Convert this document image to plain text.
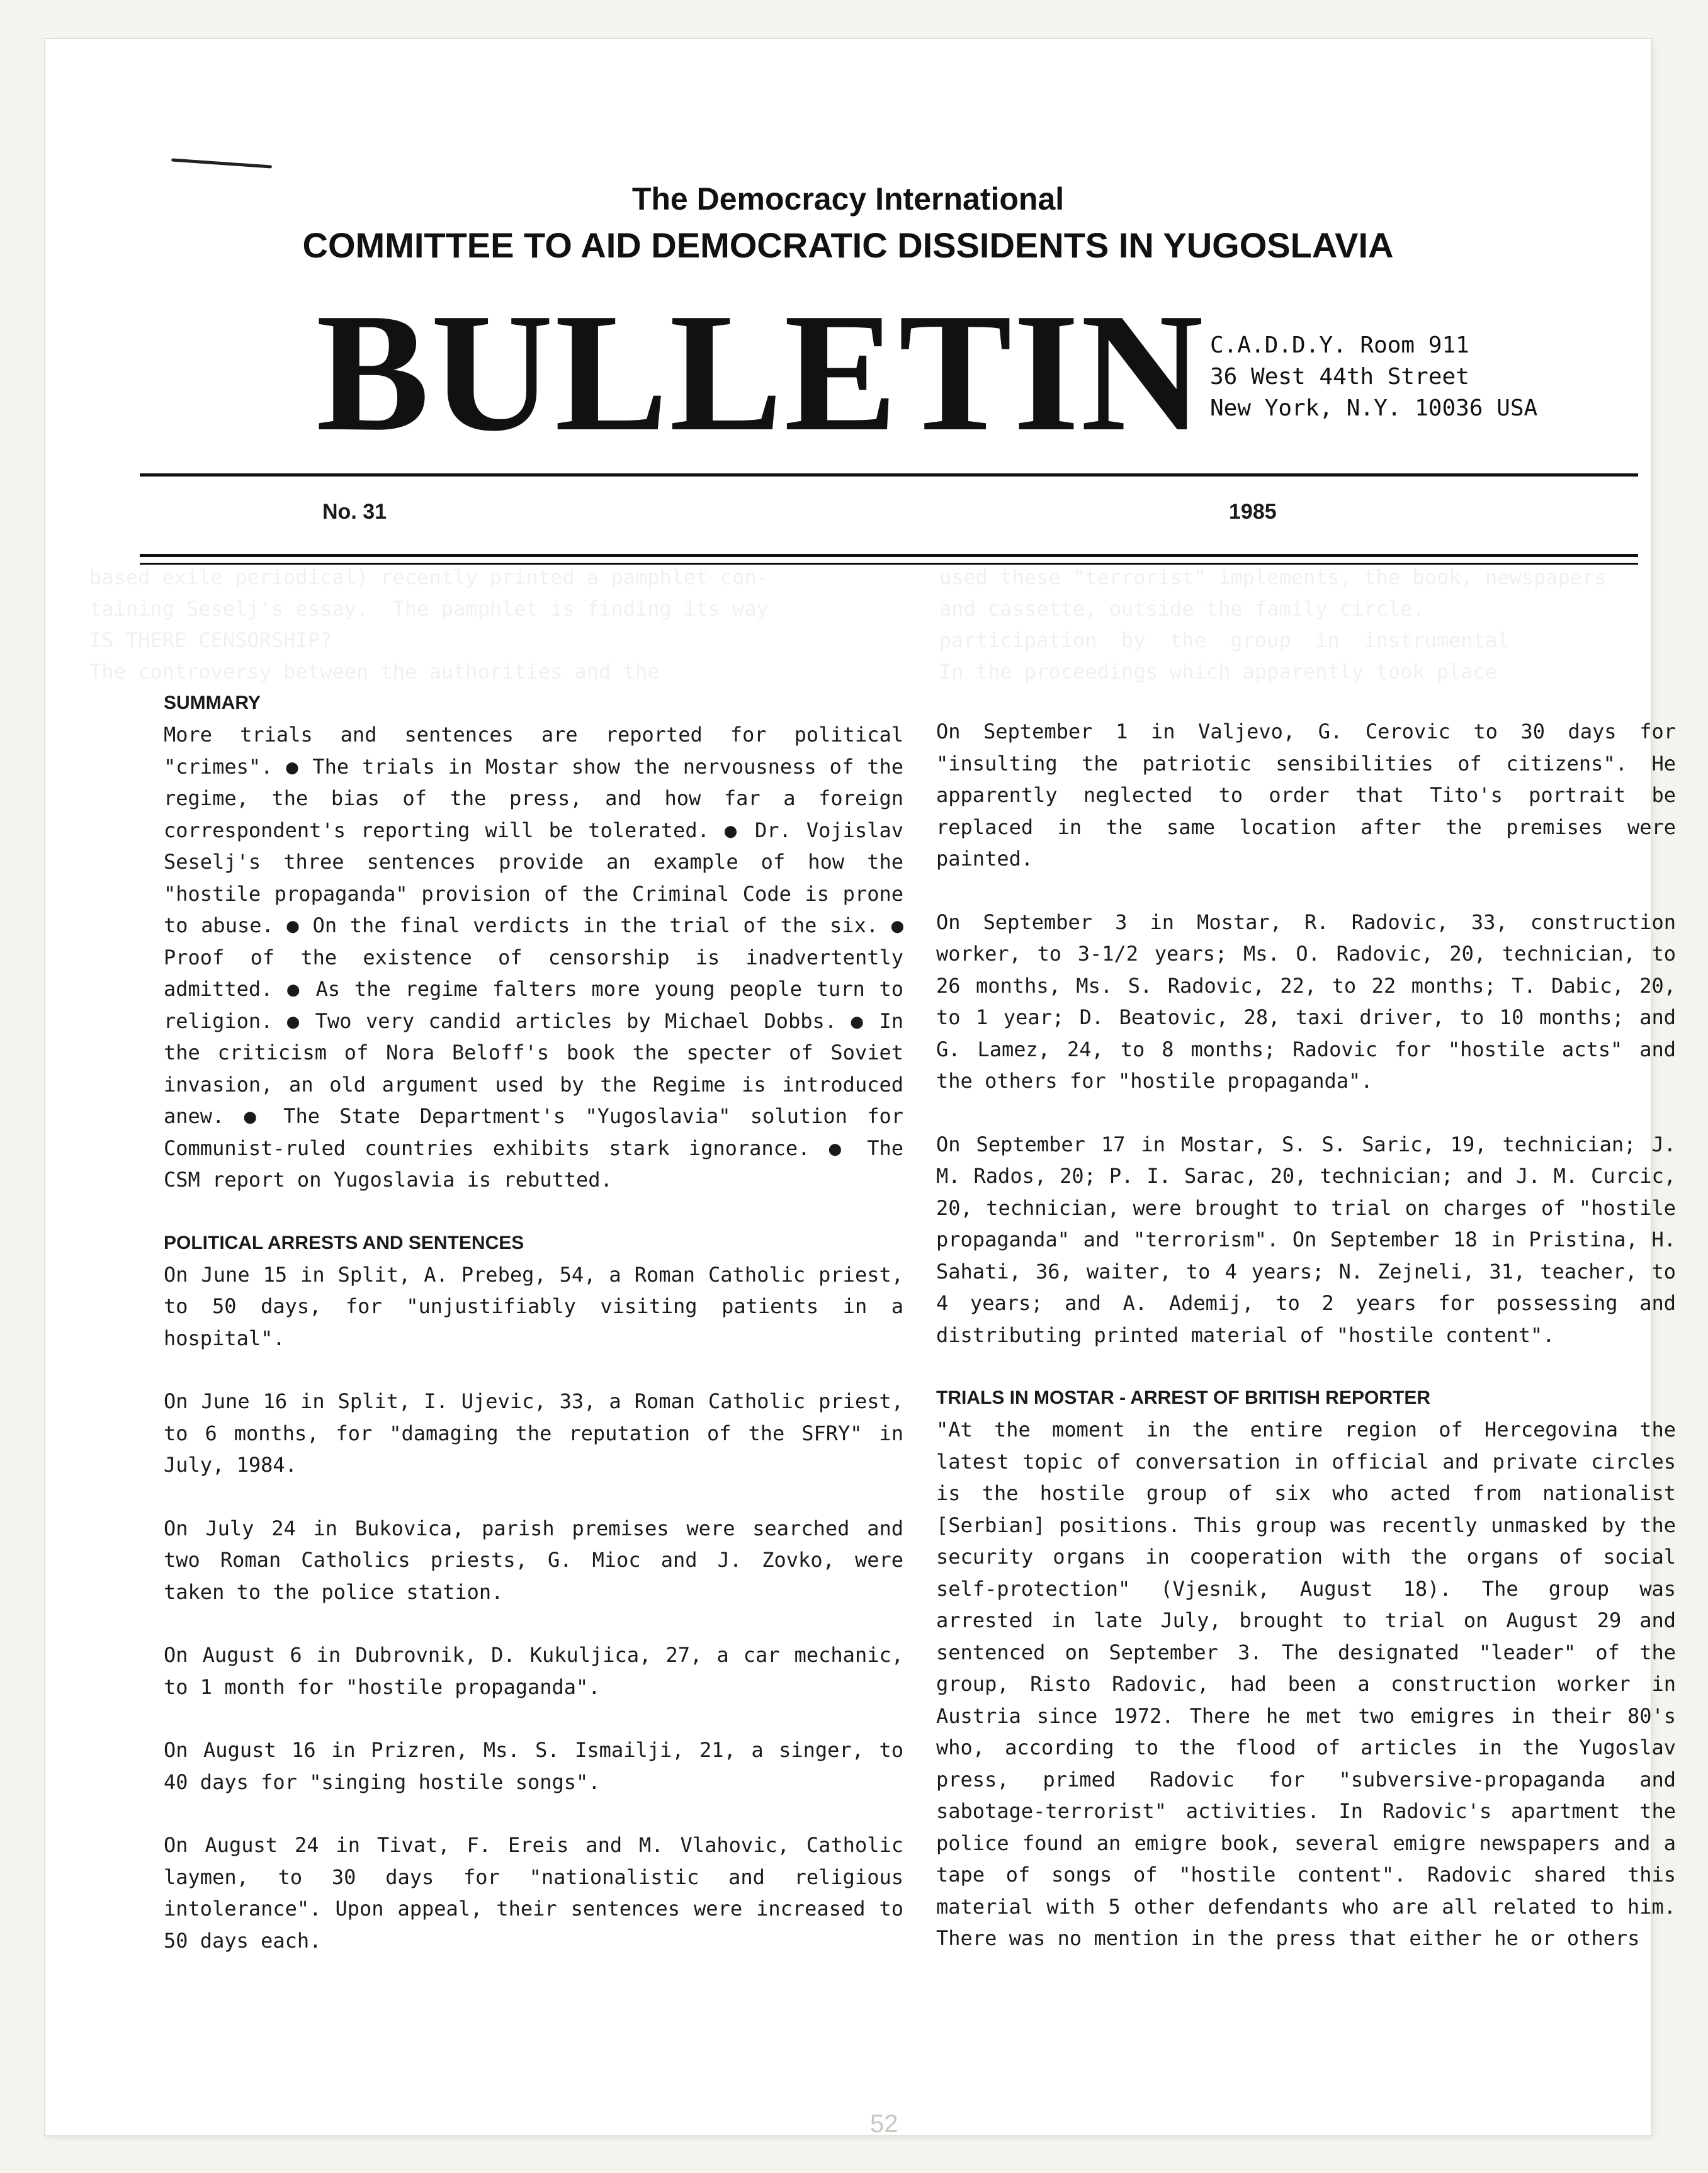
based exile periodical) recently printed a pamphlet con-
taining Seselj's essay.  The pamphlet is finding its way
IS THERE CENSORSHIP?
The controversy between the authorities and the
used these "terrorist" implements, the book, newspapers
and cassette, outside the family circle.
participation  by  the  group  in  instrumental
In the proceedings which apparently took place
The Democracy International
COMMITTEE TO AID DEMOCRATIC DISSIDENTS IN YUGOSLAVIA
BULLETIN C.A.D.D.Y. Room 911
36 West 44th Street
New York, N.Y. 10036 USA
No. 31	1985
SUMMARY

More trials and sentences are reported for political "crimes". ● The trials in Mostar show the nervousness of the regime, the bias of the press, and how far a foreign correspondent's reporting will be tolerated. ● Dr. Vojislav Seselj's three sentences provide an example of how the "hostile propaganda" provision of the Criminal Code is prone to abuse. ● On the final verdicts in the trial of the six. ● Proof of the existence of censorship is inadvertently admitted. ● As the regime falters more young people turn to religion. ● Two very candid articles by Michael Dobbs. ● In the criticism of Nora Beloff's book the specter of Soviet invasion, an old argument used by the Regime is introduced anew. ● The State Department's "Yugoslavia" solution for Communist-ruled countries exhibits stark ignorance. ● The CSM report on Yugoslavia is rebutted.

POLITICAL ARRESTS AND SENTENCES

On June 15 in Split, A. Prebeg, 54, a Roman Catholic priest, to 50 days, for "unjustifiably visiting patients in a hospital".

On June 16 in Split, I. Ujevic, 33, a Roman Catholic priest, to 6 months, for "damaging the reputation of the SFRY" in July, 1984.

On July 24 in Bukovica, parish premises were searched and two Roman Catholics priests, G. Mioc and J. Zovko, were taken to the police station.

On August 6 in Dubrovnik, D. Kukuljica, 27, a car mechanic, to 1 month for "hostile propaganda".

On August 16 in Prizren, Ms. S. Ismailji, 21, a singer, to 40 days for "singing hostile songs".

On August 24 in Tivat, F. Ereis and M. Vlahovic, Catholic laymen, to 30 days for "nationalistic and religious intolerance". Upon appeal, their sentences were increased to 50 days each.

On September 1 in Valjevo, G. Cerovic to 30 days for "insulting the patriotic sensibilities of citizens". He apparently neglected to order that Tito's portrait be replaced in the same location after the premises were painted.

On September 3 in Mostar, R. Radovic, 33, construction worker, to 3-1/2 years; Ms. O. Radovic, 20, technician, to 26 months, Ms. S. Radovic, 22, to 22 months; T. Dabic, 20, to 1 year; D. Beatovic, 28, taxi driver, to 10 months; and G. Lamez, 24, to 8 months; Radovic for "hostile acts" and the others for "hostile propaganda".

On September 17 in Mostar, S. S. Saric, 19, technician; J. M. Rados, 20; P. I. Sarac, 20, technician; and J. M. Curcic, 20, technician, were brought to trial on charges of "hostile propaganda" and "terrorism". On September 18 in Pristina, H. Sahati, 36, waiter, to 4 years; N. Zejneli, 31, teacher, to 4 years; and A. Ademij, to 2 years for possessing and distributing printed material of "hostile content".

TRIALS IN MOSTAR - ARREST OF BRITISH REPORTER

"At the moment in the entire region of Hercegovina the latest topic of conversation in official and private circles is the hostile group of six who acted from nationalist [Serbian] positions. This group was recently unmasked by the security organs in cooperation with the organs of social self-protection" (Vjesnik, August 18). The group was arrested in late July, brought to trial on August 29 and sentenced on September 3. The designated "leader" of the group, Risto Radovic, had been a construction worker in Austria since 1972. There he met two emigres in their 80's who, according to the flood of articles in the Yugoslav press, primed Radovic for "subversive-propaganda and sabotage-terrorist" activities. In Radovic's apartment the police found an emigre book, several emigre newspapers and a tape of songs of "hostile content". Radovic shared this material with 5 other defendants who are all related to him. There was no mention in the press that either he or others

52
